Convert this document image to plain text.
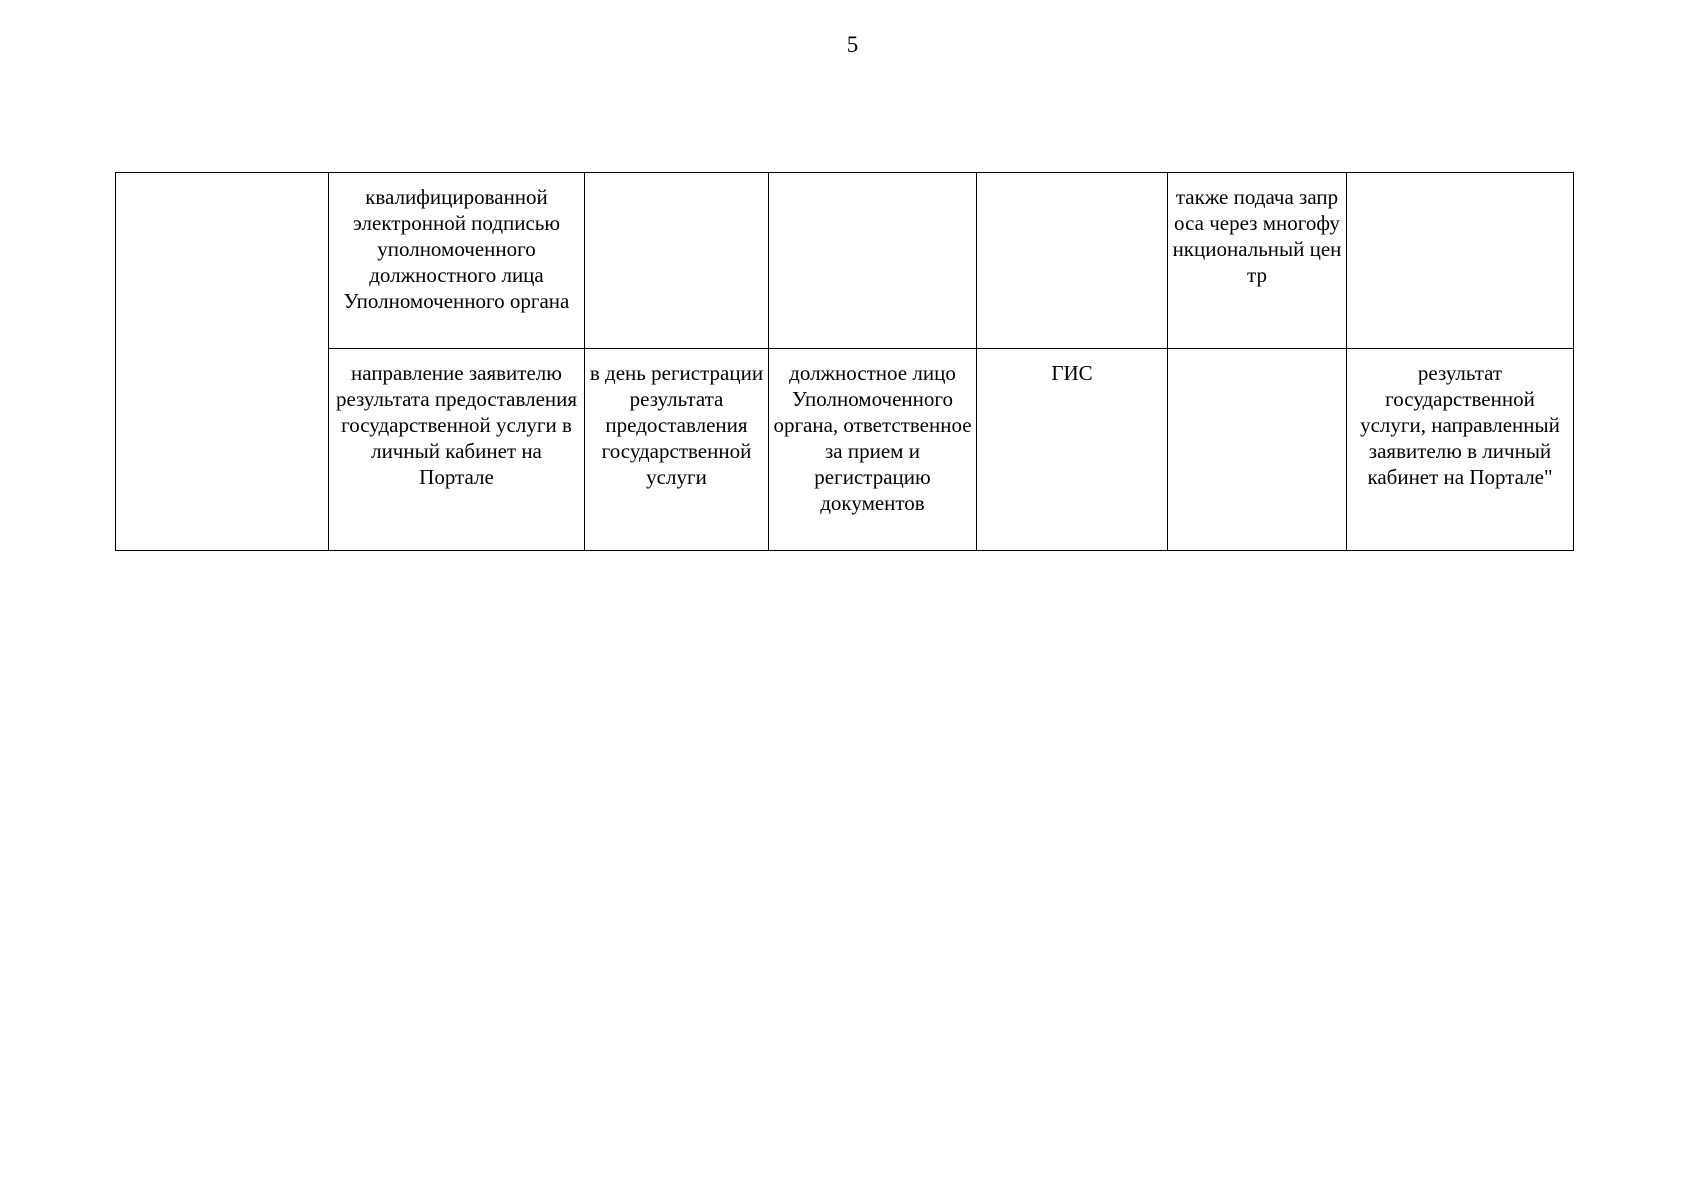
5
	квалифицированной электронной подписью уполномоченного должностного лица Уполномоченного органа				также подача запроса через многофункциональный центр	

	направление заявителю результата предоставления государственной услуги в личный кабинет на Портале	в день регистрации результата предоставления государственной услуги	должностное лицо Уполномоченного органа, ответственное за прием и регистрацию документов	ГИС		результат государственной услуги, направленный заявителю в личный кабинет на Портале"
